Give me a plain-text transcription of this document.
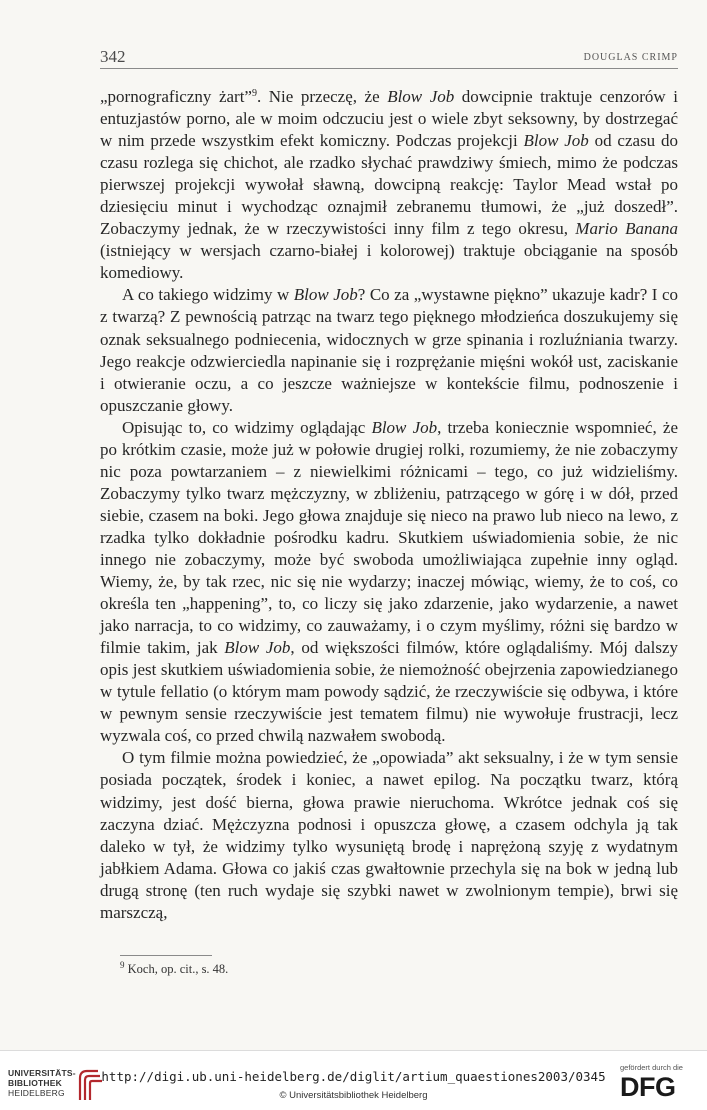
342	DOUGLAS CRIMP

„pornograficzny żart”$^9$. Nie przeczę, że Blow Job dowcipnie traktuje cenzorów i entuzjastów porno, ale w moim odczuciu jest o wiele zbyt seksowny, by dostrzegać w nim przede wszystkim efekt komiczny. Podczas projekcji Blow Job od czasu do czasu rozlega się chichot, ale rzadko słychać prawdziwy śmiech, mimo że podczas pierwszej projekcji wywołał sławną, dowcipną reakcję: Taylor Mead wstał po dziesięciu minut i wychodząc oznajmił zebranemu tłumowi, że „już doszedł”. Zobaczymy jednak, że w rzeczywistości inny film z tego okresu, Mario Banana (istniejący w wersjach czarno-białej i kolorowej) traktuje obciąganie na sposób komediowy.

A co takiego widzimy w Blow Job? Co za „wystawne piękno” ukazuje kadr? I co z twarzą? Z pewnością patrząc na twarz tego pięknego młodzieńca doszukujemy się oznak seksualnego podniecenia, widocznych w grze spinania i rozluźniania twarzy. Jego reakcje odzwierciedla napinanie się i rozprężanie mięśni wokół ust, zaciskanie i otwieranie oczu, a co jeszcze ważniejsze w kontekście filmu, podnoszenie i opuszczanie głowy.

Opisując to, co widzimy oglądając Blow Job, trzeba koniecznie wspomnieć, że po krótkim czasie, może już w połowie drugiej rolki, rozumiemy, że nie zobaczymy nic poza powtarzaniem – z niewielkimi różnicami – tego, co już widzieliśmy. Zobaczymy tylko twarz mężczyzny, w zbliżeniu, patrzącego w górę i w dół, przed siebie, czasem na boki. Jego głowa znajduje się nieco na prawo lub nieco na lewo, z rzadka tylko dokładnie pośrodku kadru. Skutkiem uświadomienia sobie, że nic innego nie zobaczymy, może być swoboda umożliwiająca zupełnie inny ogląd. Wiemy, że, by tak rzec, nic się nie wydarzy; inaczej mówiąc, wiemy, że to coś, co określa ten „happening”, to, co liczy się jako zdarzenie, jako wydarzenie, a nawet jako narracja, to co widzimy, co zauważamy, i o czym myślimy, różni się bardzo w filmie takim, jak Blow Job, od większości filmów, które oglądaliśmy. Mój dalszy opis jest skutkiem uświadomienia sobie, że niemożność obejrzenia zapowiedzianego w tytule fellatio (o którym mam powody sądzić, że rzeczywiście się odbywa, i które w pewnym sensie rzeczywiście jest tematem filmu) nie wywołuje frustracji, lecz wyzwala coś, co przed chwilą nazwałem swobodą.

O tym filmie można powiedzieć, że „opowiada” akt seksualny, i że w tym sensie posiada początek, środek i koniec, a nawet epilog. Na początku twarz, którą widzimy, jest dość bierna, głowa prawie nieruchoma. Wkrótce jednak coś się zaczyna dziać. Mężczyzna podnosi i opuszcza głowę, a czasem odchyla ją tak daleko w tył, że widzimy tylko wysuniętą brodę i naprężoną szyję z wydatnym jabłkiem Adama. Głowa co jakiś czas gwałtownie przechyla się na bok w jedną lub drugą stronę (ten ruch wydaje się szybki nawet w zwolnionym tempie), brwi się marszczą,

$^9$ Koch, op. cit., s. 48.
UNIVERSITÄTS-
BIBLIOTHEK
HEIDELBERG
http://digi.ub.uni-heidelberg.de/diglit/artium_quaestiones2003/0345
© Universitätsbibliothek Heidelberg
gefördert durch die
DFG
